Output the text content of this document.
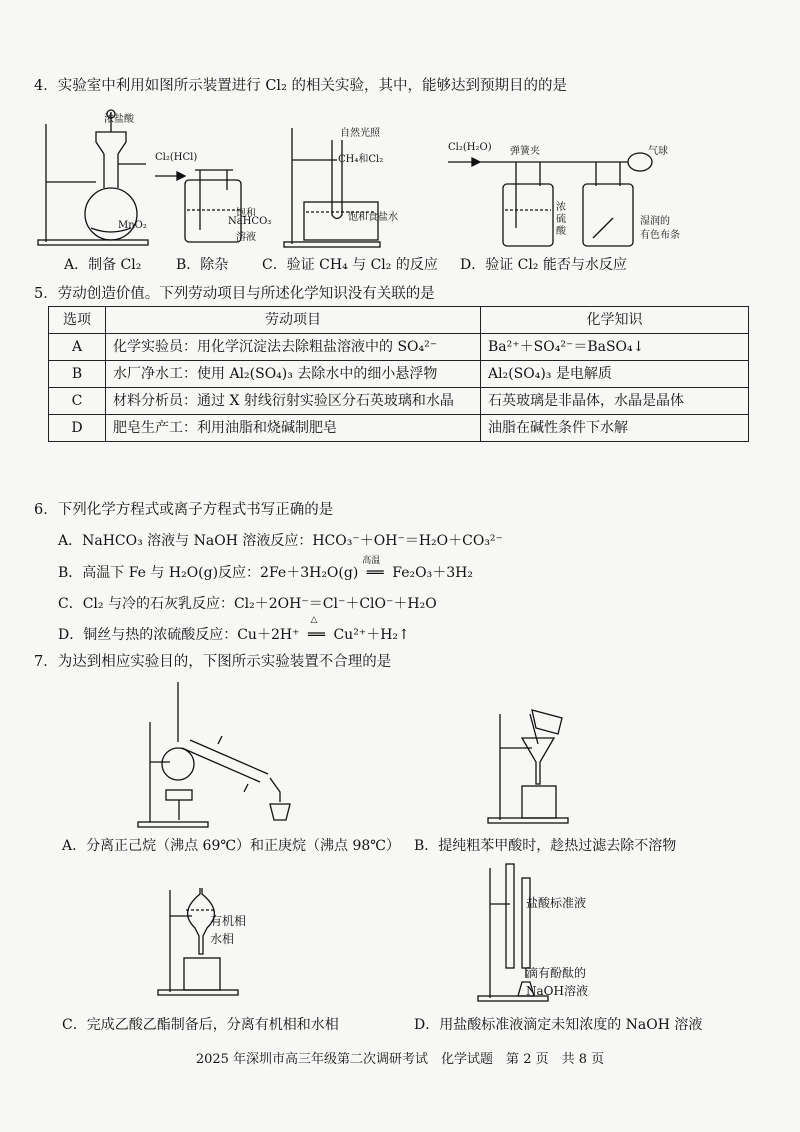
4．实验室中利用如图所示装置进行 Cl₂ 的相关实验，其中，能够达到预期目的的是
浓盐酸
MnO₂
Cl₂(HCl)
饱和
NaHCO₃
溶液
自然光照
CH₄和Cl₂
饱和食盐水
Cl₂(H₂O) 弹簧夹	气球
浓
硫
酸
湿润的
有色布条
A．制备 Cl₂ B．除杂 C．验证 CH₄ 与 Cl₂ 的反应 D．验证 Cl₂ 能否与水反应
5．劳动创造价值。下列劳动项目与所述化学知识没有关联的是
选项	劳动项目	化学知识
A	化学实验员：用化学沉淀法去除粗盐溶液中的 SO₄²⁻	Ba²⁺＋SO₄²⁻＝BaSO₄↓
B	水厂净水工：使用 Al₂(SO₄)₃ 去除水中的细小悬浮物	Al₂(SO₄)₃ 是电解质
C	材料分析员：通过 X 射线衍射实验区分石英玻璃和水晶	石英玻璃是非晶体，水晶是晶体
D	肥皂生产工：利用油脂和烧碱制肥皂	油脂在碱性条件下水解
6．下列化学方程式或离子方程式书写正确的是
A．NaHCO₃ 溶液与 NaOH 溶液反应：HCO₃⁻＋OH⁻＝H₂O＋CO₃²⁻
B．高温下 Fe 与 H₂O(g)反应：2Fe＋3H₂O(g)
高温
══ Fe₂O₃＋3H₂
C．Cl₂ 与冷的石灰乳反应：Cl₂＋2OH⁻＝Cl⁻＋ClO⁻＋H₂O
D．铜丝与热的浓硫酸反应：Cu＋2H⁺
△
══ Cu²⁺＋H₂↑
7．为达到相应实验目的，下图所示实验装置不合理的是
有机相
水相
盐酸标准液
滴有酚酞的
NaOH溶液
A．分离正己烷（沸点 69℃）和正庚烷（沸点 98℃） B．提纯粗苯甲酸时，趁热过滤去除不溶物
C．完成乙酸乙酯制备后，分离有机相和水相	D．用盐酸标准液滴定未知浓度的 NaOH 溶液
2025 年深圳市高三年级第二次调研考试　化学试题　第 2 页　共 8 页
